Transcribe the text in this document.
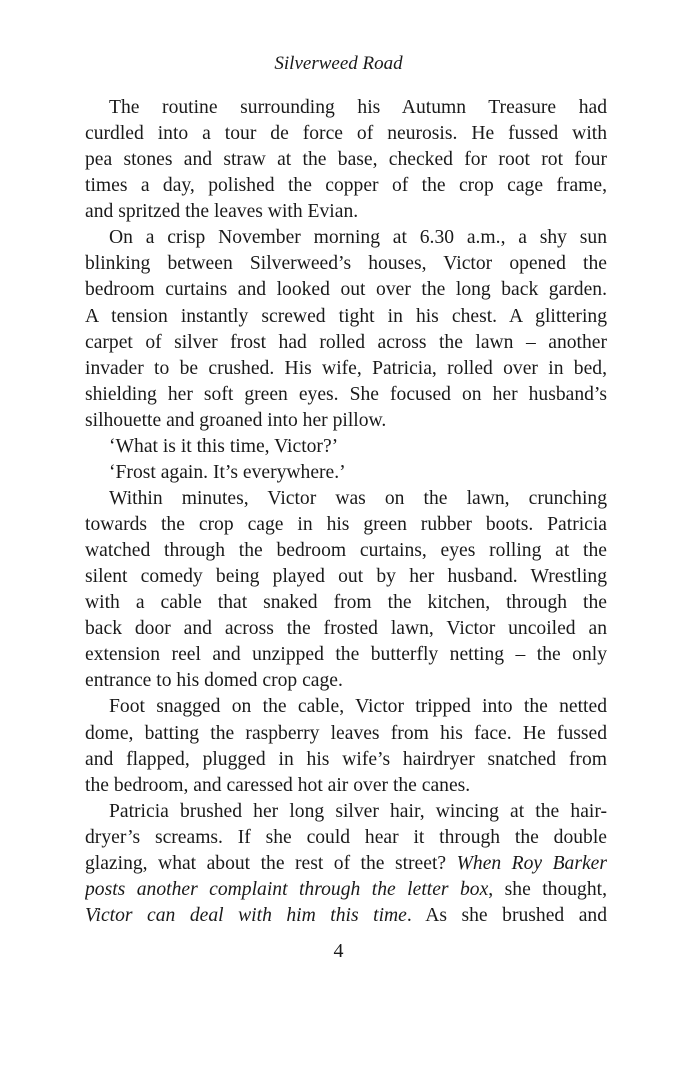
Silverweed Road
The routine surrounding his Autumn Treasure had
curdled into a tour de force of neurosis. He fussed with
pea stones and straw at the base, checked for root rot four
times a day, polished the copper of the crop cage frame,
and spritzed the leaves with Evian.
On a crisp November morning at 6.30 a.m., a shy sun
blinking between Silverweed’s houses, Victor opened the
bedroom curtains and looked out over the long back garden.
A tension instantly screwed tight in his chest. A glittering
carpet of silver frost had rolled across the lawn – another
invader to be crushed. His wife, Patricia, rolled over in bed,
shielding her soft green eyes. She focused on her husband’s
silhouette and groaned into her pillow.
‘What is it this time, Victor?’
‘Frost again. It’s everywhere.’
Within minutes, Victor was on the lawn, crunching
towards the crop cage in his green rubber boots. Patricia
watched through the bedroom curtains, eyes rolling at the
silent comedy being played out by her husband. Wrestling
with a cable that snaked from the kitchen, through the
back door and across the frosted lawn, Victor uncoiled an
extension reel and unzipped the butterfly netting – the only
entrance to his domed crop cage.
Foot snagged on the cable, Victor tripped into the netted
dome, batting the raspberry leaves from his face. He fussed
and flapped, plugged in his wife’s hairdryer snatched from
the bedroom, and caressed hot air over the canes.
Patricia brushed her long silver hair, wincing at the hair-
dryer’s screams. If she could hear it through the double
glazing, what about the rest of the street? When Roy Barker
posts another complaint through the letter box, she thought,
Victor can deal with him this time. As she brushed and
4
